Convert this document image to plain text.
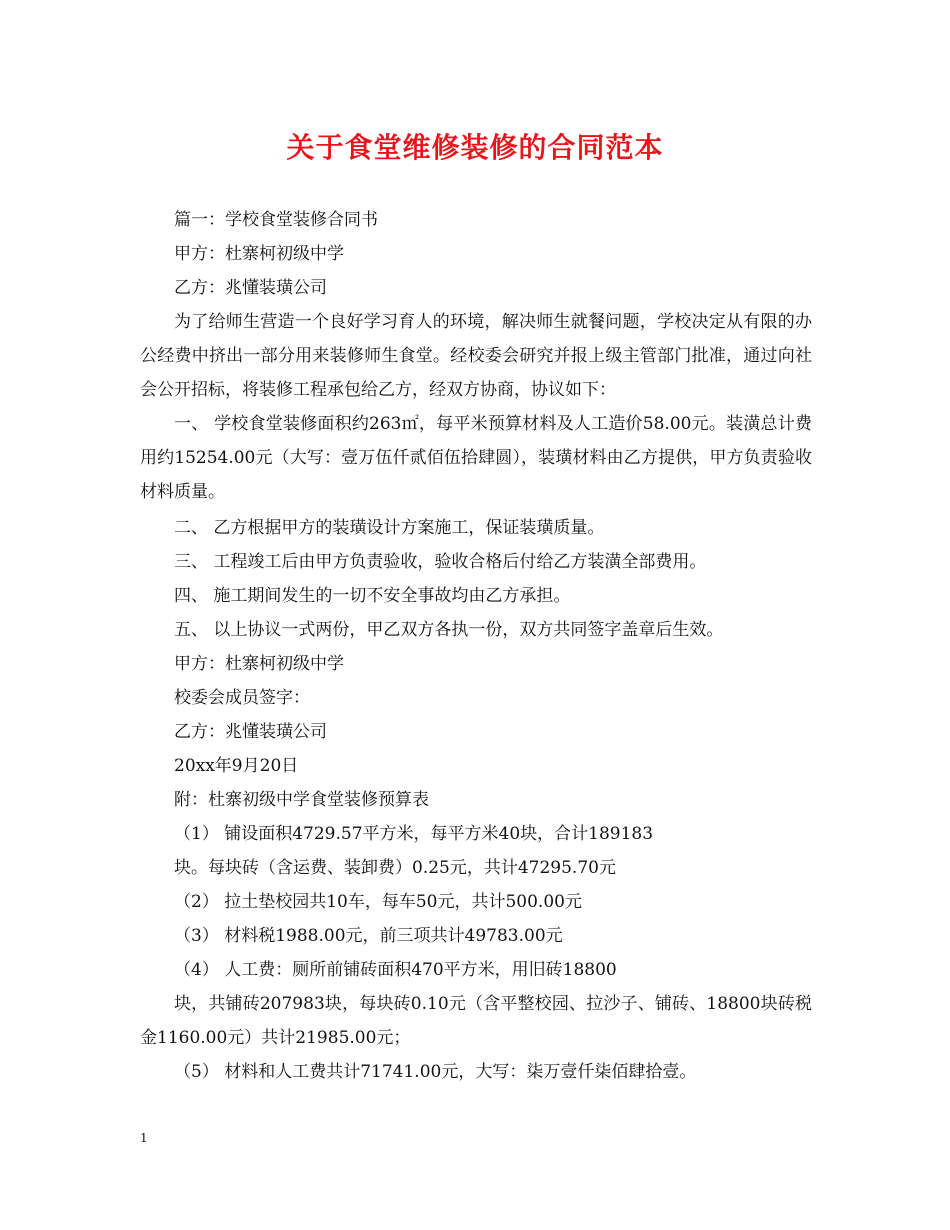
关于食堂维修装修的合同范本

篇一：学校食堂装修合同书

甲方：杜寨柯初级中学

乙方：兆懂装璜公司

为了给师生营造一个良好学习育人的环境，解决师生就餐问题，学校决定从有限的办公经费中挤出一部分用来装修师生食堂。经校委会研究并报上级主管部门批准，通过向社会公开招标，将装修工程承包给乙方，经双方协商，协议如下：

一、 学校食堂装修面积约263㎡，每平米预算材料及人工造价58.00元。装潢总计费用约15254.00元（大写：壹万伍仟贰佰伍拾肆圆），装璜材料由乙方提供，甲方负责验收材料质量。

二、 乙方根据甲方的装璜设计方案施工，保证装璜质量。

三、 工程竣工后由甲方负责验收，验收合格后付给乙方装潢全部费用。

四、 施工期间发生的一切不安全事故均由乙方承担。

五、 以上协议一式两份，甲乙双方各执一份，双方共同签字盖章后生效。

甲方：杜寨柯初级中学

校委会成员签字：

乙方：兆懂装璜公司

20xx年9月20日

附：杜寨初级中学食堂装修预算表

（1） 铺设面积4729.57平方米，每平方米40块，合计189183

块。每块砖（含运费、装卸费）0.25元，共计47295.70元

（2） 拉土垫校园共10车，每车50元，共计500.00元

（3） 材料税1988.00元，前三项共计49783.00元

（4） 人工费：厕所前铺砖面积470平方米，用旧砖18800

块，共铺砖207983块，每块砖0.10元（含平整校园、拉沙子、铺砖、18800块砖税金1160.00元）共计21985.00元；

（5） 材料和人工费共计71741.00元，大写：柒万壹仟柒佰肆拾壹。

1
